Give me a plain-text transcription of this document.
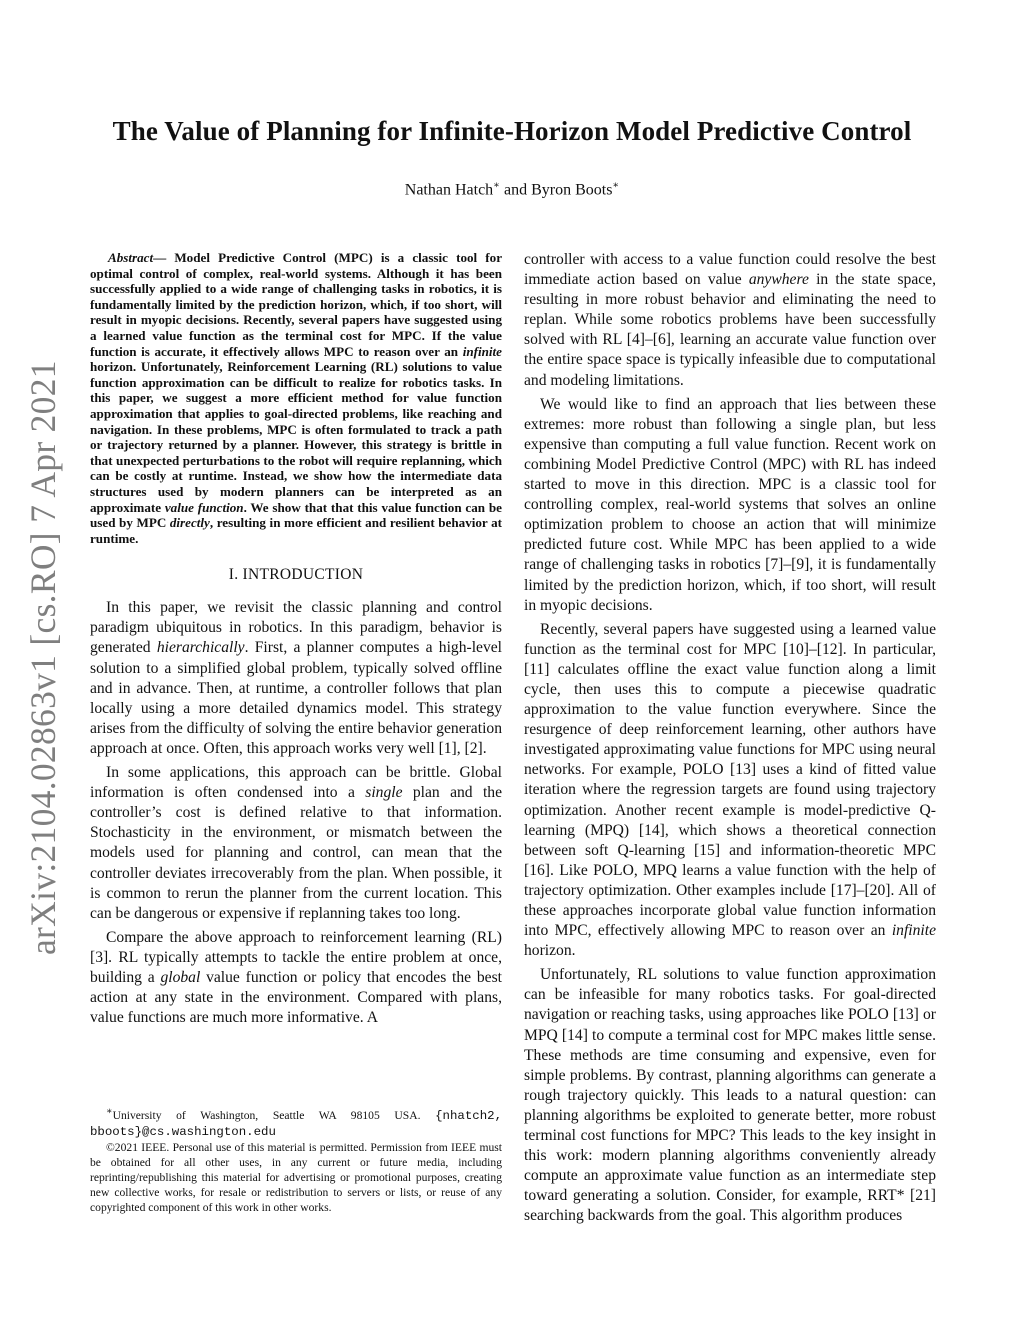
The Value of Planning for Infinite-Horizon Model Predictive Control
Nathan Hatch∗ and Byron Boots∗
arXiv:2104.02863v1 [cs.RO] 7 Apr 2021

Abstract— Model Predictive Control (MPC) is a classic tool for optimal control of complex, real-world systems. Although it has been successfully applied to a wide range of challenging tasks in robotics, it is fundamentally limited by the prediction horizon, which, if too short, will result in myopic decisions. Recently, several papers have suggested using a learned value function as the terminal cost for MPC. If the value function is accurate, it effectively allows MPC to reason over an infinite horizon. Unfortunately, Reinforcement Learning (RL) solutions to value function approximation can be difficult to realize for robotics tasks. In this paper, we suggest a more efficient method for value function approximation that applies to goal-directed problems, like reaching and navigation. In these problems, MPC is often formulated to track a path or trajectory returned by a planner. However, this strategy is brittle in that unexpected perturbations to the robot will require replanning, which can be costly at runtime. Instead, we show how the intermediate data structures used by modern planners can be interpreted as an approximate value function. We show that that this value function can be used by MPC directly, resulting in more efficient and resilient behavior at runtime.

I. INTRODUCTION

In this paper, we revisit the classic planning and control paradigm ubiquitous in robotics. In this paradigm, behavior is generated hierarchically. First, a planner computes a high-level solution to a simplified global problem, typically solved offline and in advance. Then, at runtime, a controller follows that plan locally using a more detailed dynamics model. This strategy arises from the difficulty of solving the entire behavior generation approach at once. Often, this approach works very well [1], [2].

In some applications, this approach can be brittle. Global information is often condensed into a single plan and the controller’s cost is defined relative to that information. Stochasticity in the environment, or mismatch between the models used for planning and control, can mean that the controller deviates irrecoverably from the plan. When possible, it is common to rerun the planner from the current location. This can be dangerous or expensive if replanning takes too long.

Compare the above approach to reinforcement learning (RL) [3]. RL typically attempts to tackle the entire problem at once, building a global value function or policy that encodes the best action at any state in the environment. Compared with plans, value functions are much more informative. A

∗University of Washington, Seattle WA 98105 USA. {nhatch2, bboots}@cs.washington.edu

©2021 IEEE. Personal use of this material is permitted. Permission from IEEE must be obtained for all other uses, in any current or future media, including reprinting/republishing this material for advertising or promotional purposes, creating new collective works, for resale or redistribution to servers or lists, or reuse of any copyrighted component of this work in other works.

controller with access to a value function could resolve the best immediate action based on value anywhere in the state space, resulting in more robust behavior and eliminating the need to replan. While some robotics problems have been successfully solved with RL [4]–[6], learning an accurate value function over the entire space space is typically infeasible due to computational and modeling limitations.

We would like to find an approach that lies between these extremes: more robust than following a single plan, but less expensive than computing a full value function. Recent work on combining Model Predictive Control (MPC) with RL has indeed started to move in this direction. MPC is a classic tool for controlling complex, real-world systems that solves an online optimization problem to choose an action that will minimize predicted future cost. While MPC has been applied to a wide range of challenging tasks in robotics [7]–[9], it is fundamentally limited by the prediction horizon, which, if too short, will result in myopic decisions.

Recently, several papers have suggested using a learned value function as the terminal cost for MPC [10]–[12]. In particular, [11] calculates offline the exact value function along a limit cycle, then uses this to compute a piecewise quadratic approximation to the value function everywhere. Since the resurgence of deep reinforcement learning, other authors have investigated approximating value functions for MPC using neural networks. For example, POLO [13] uses a kind of fitted value iteration where the regression targets are found using trajectory optimization. Another recent example is model-predictive Q-learning (MPQ) [14], which shows a theoretical connection between soft Q-learning [15] and information-theoretic MPC [16]. Like POLO, MPQ learns a value function with the help of trajectory optimization. Other examples include [17]–[20]. All of these approaches incorporate global value function information into MPC, effectively allowing MPC to reason over an infinite horizon.

Unfortunately, RL solutions to value function approximation can be infeasible for many robotics tasks. For goal-directed navigation or reaching tasks, using approaches like POLO [13] or MPQ [14] to compute a terminal cost for MPC makes little sense. These methods are time consuming and expensive, even for simple problems. By contrast, planning algorithms can generate a rough trajectory quickly. This leads to a natural question: can planning algorithms be exploited to generate better, more robust terminal cost functions for MPC? This leads to the key insight in this work: modern planning algorithms conveniently already compute an approximate value function as an intermediate step toward generating a solution. Consider, for example, RRT* [21] searching backwards from the goal. This algorithm produces
